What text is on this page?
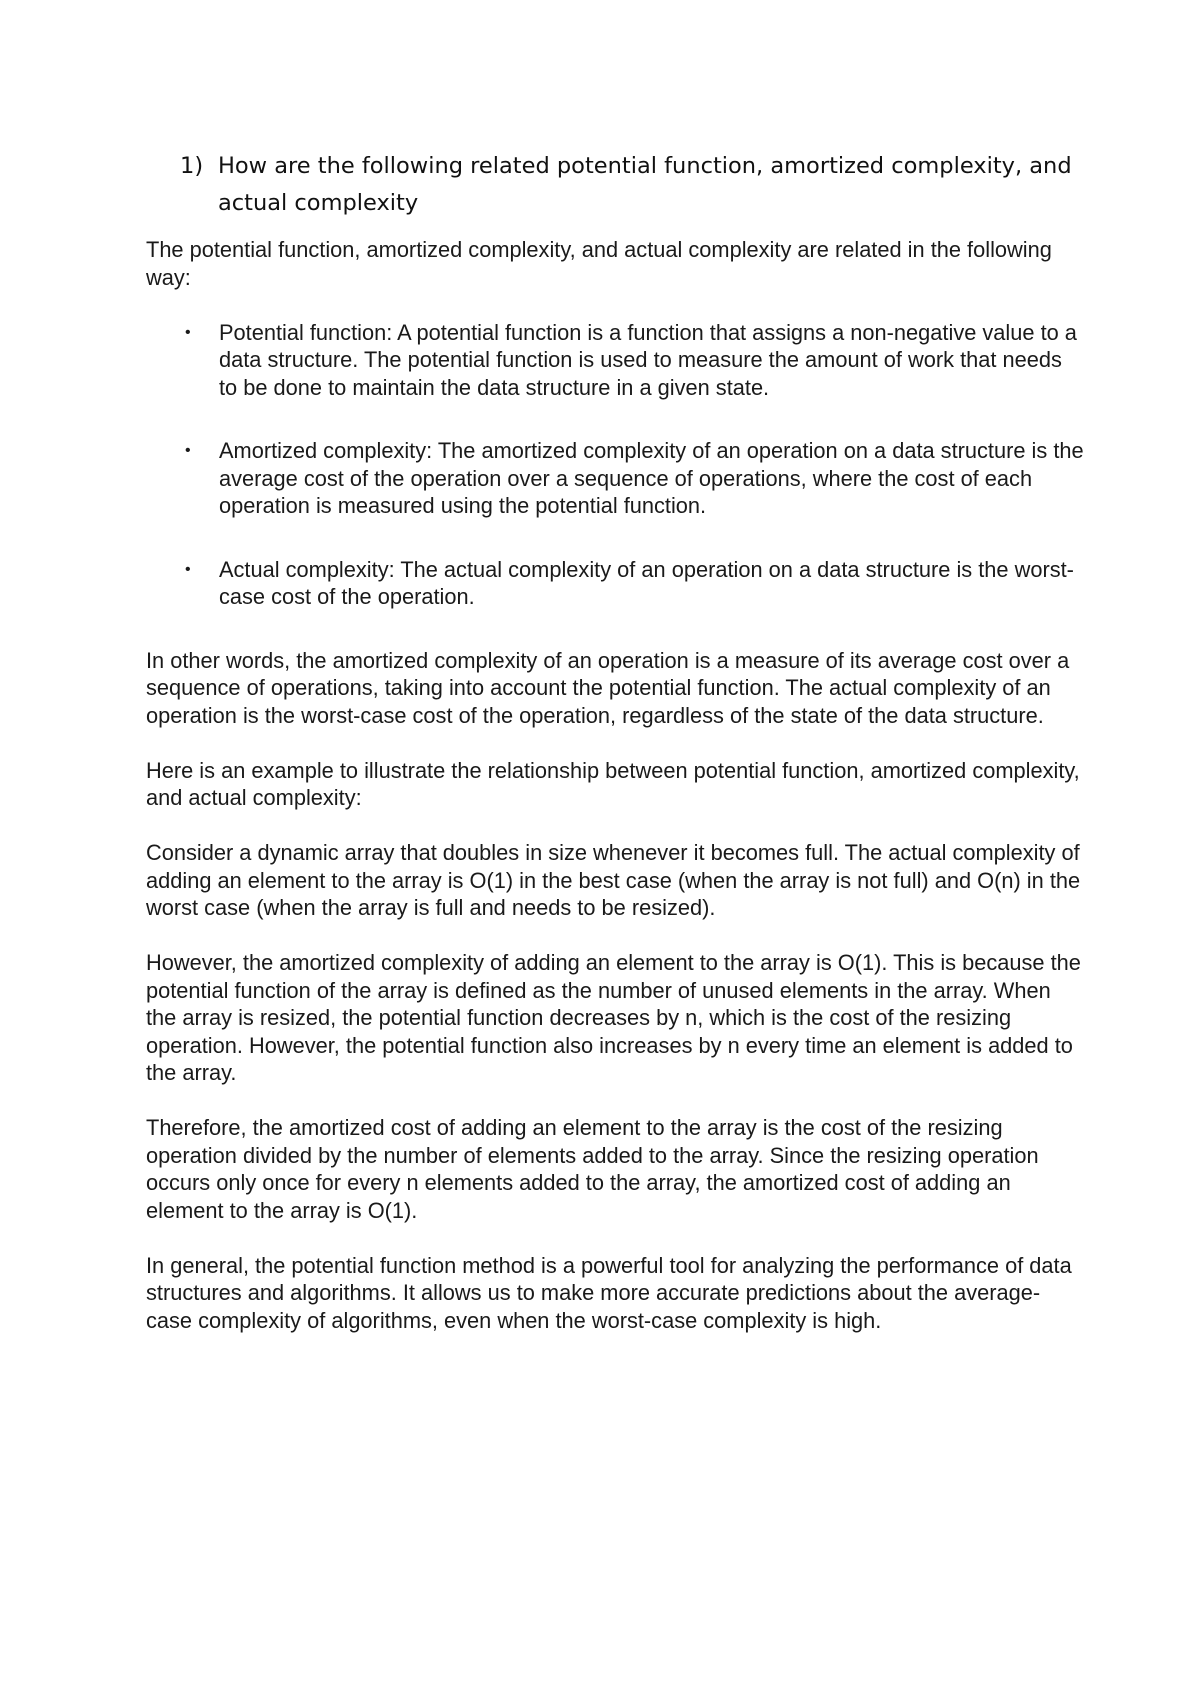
1) How are the following related potential function, amortized complexity, and actual complexity

The potential function, amortized complexity, and actual complexity are related in the following way:

• Potential function: A potential function is a function that assigns a non-negative value to a data structure. The potential function is used to measure the amount of work that needs to be done to maintain the data structure in a given state.
• Amortized complexity: The amortized complexity of an operation on a data structure is the average cost of the operation over a sequence of operations, where the cost of each operation is measured using the potential function.
• Actual complexity: The actual complexity of an operation on a data structure is the worst-case cost of the operation.

In other words, the amortized complexity of an operation is a measure of its average cost over a sequence of operations, taking into account the potential function. The actual complexity of an operation is the worst-case cost of the operation, regardless of the state of the data structure.

Here is an example to illustrate the relationship between potential function, amortized complexity, and actual complexity:

Consider a dynamic array that doubles in size whenever it becomes full. The actual complexity of adding an element to the array is O(1) in the best case (when the array is not full) and O(n) in the worst case (when the array is full and needs to be resized).

However, the amortized complexity of adding an element to the array is O(1). This is because the potential function of the array is defined as the number of unused elements in the array. When the array is resized, the potential function decreases by n, which is the cost of the resizing operation. However, the potential function also increases by n every time an element is added to the array.

Therefore, the amortized cost of adding an element to the array is the cost of the resizing operation divided by the number of elements added to the array. Since the resizing operation occurs only once for every n elements added to the array, the amortized cost of adding an element to the array is O(1).

In general, the potential function method is a powerful tool for analyzing the performance of data structures and algorithms. It allows us to make more accurate predictions about the average-case complexity of algorithms, even when the worst-case complexity is high.
